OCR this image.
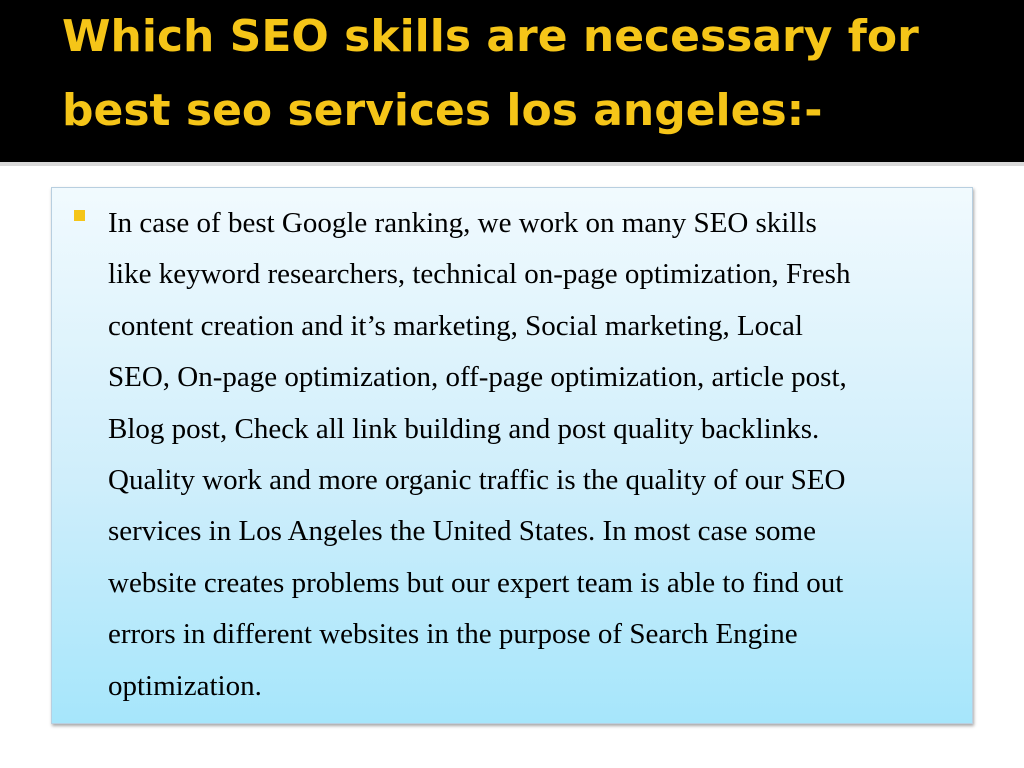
Which SEO skills are necessary for
best seo services los angeles:-

In case of best Google ranking, we work on many SEO skills
like keyword researchers, technical on-page optimization, Fresh
content creation and it’s marketing, Social marketing, Local
SEO, On-page optimization, off-page optimization, article post,
Blog post, Check all link building and post quality backlinks.
Quality work and more organic traffic is the quality of our SEO
services in Los Angeles the United States. In most case some
website creates problems but our expert team is able to find out
errors in different websites in the purpose of Search Engine
optimization.
